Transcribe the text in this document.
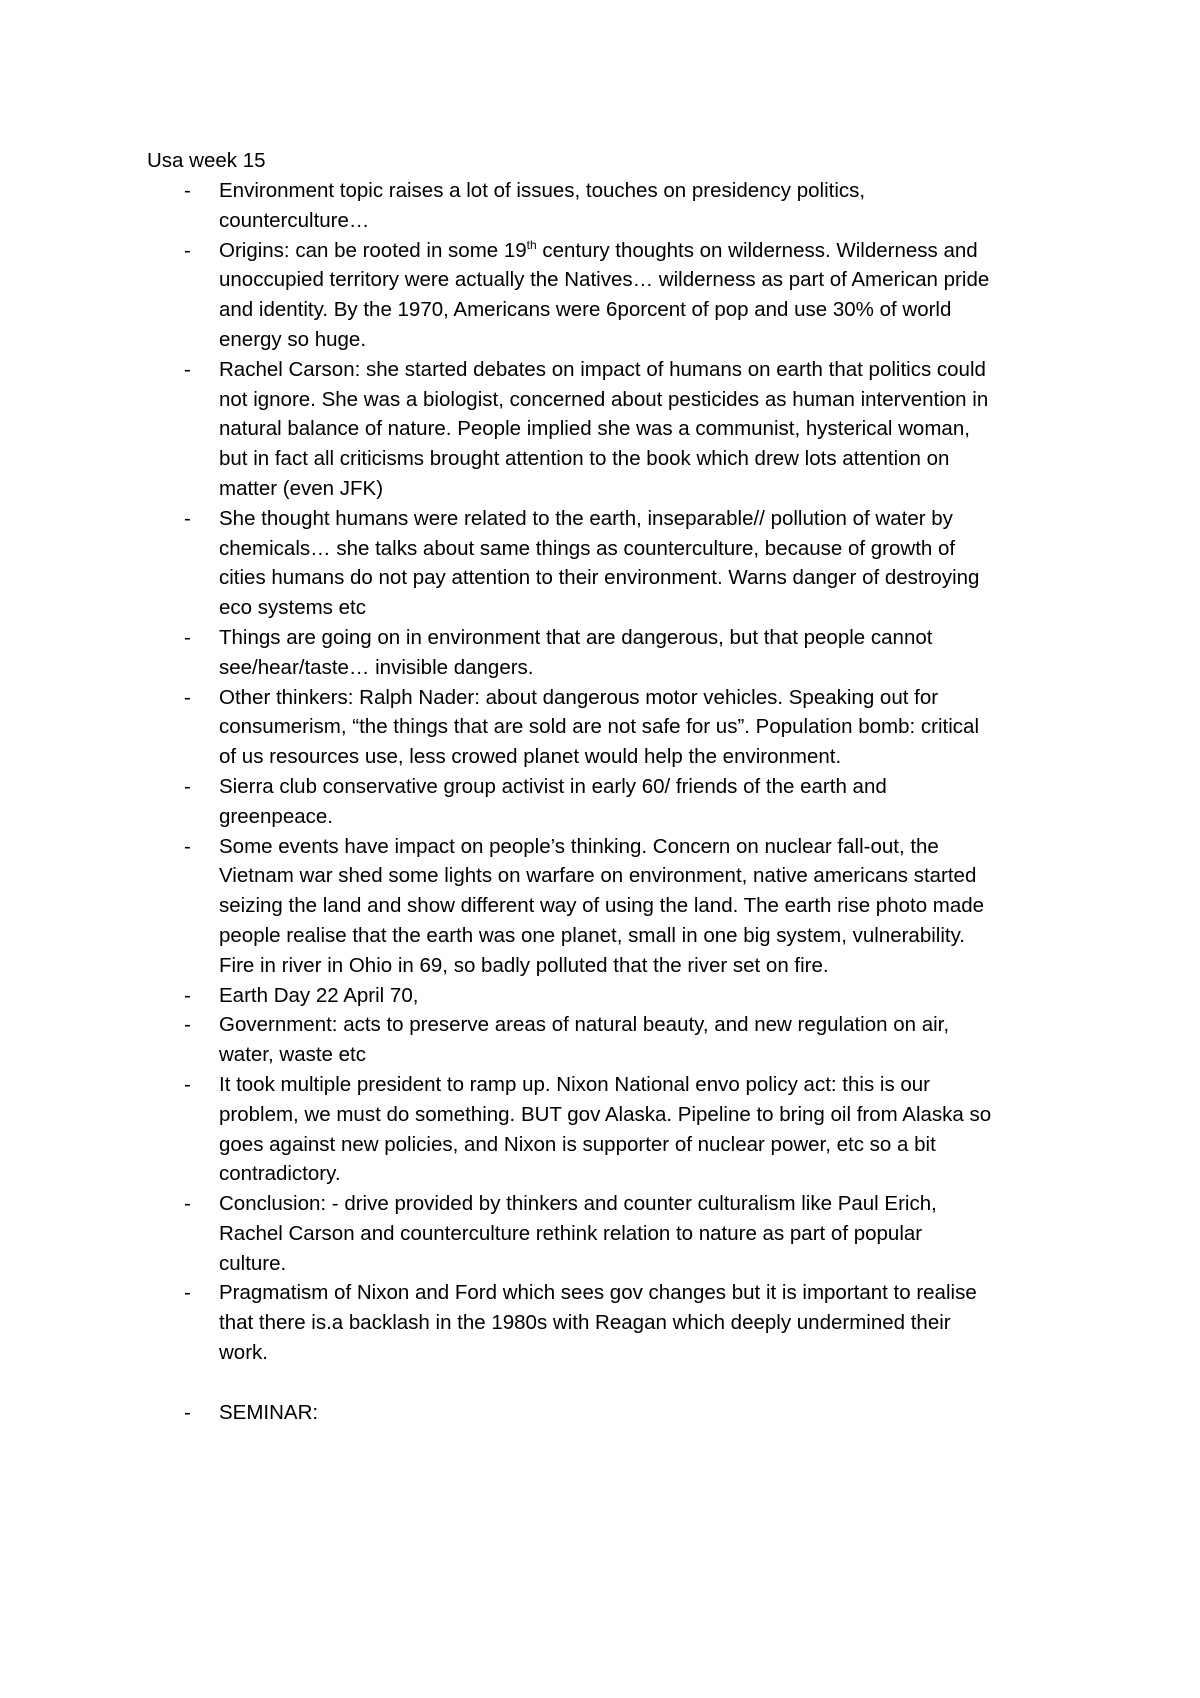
Usa week 15

- Environment topic raises a lot of issues, touches on presidency politics,
counterculture…
- Origins: can be rooted in some 19th century thoughts on wilderness. Wilderness and
unoccupied territory were actually the Natives… wilderness as part of American pride
and identity. By the 1970, Americans were 6porcent of pop and use 30% of world
energy so huge.
- Rachel Carson: she started debates on impact of humans on earth that politics could
not ignore. She was a biologist, concerned about pesticides as human intervention in
natural balance of nature. People implied she was a communist, hysterical woman,
but in fact all criticisms brought attention to the book which drew lots attention on
matter (even JFK)
- She thought humans were related to the earth, inseparable// pollution of water by
chemicals… she talks about same things as counterculture, because of growth of
cities humans do not pay attention to their environment. Warns danger of destroying
eco systems etc
- Things are going on in environment that are dangerous, but that people cannot
see/hear/taste… invisible dangers.
- Other thinkers: Ralph Nader: about dangerous motor vehicles. Speaking out for
consumerism, “the things that are sold are not safe for us”. Population bomb: critical
of us resources use, less crowed planet would help the environment.
- Sierra club conservative group activist in early 60/ friends of the earth and
greenpeace.
- Some events have impact on people’s thinking. Concern on nuclear fall-out, the
Vietnam war shed some lights on warfare on environment, native americans started
seizing the land and show different way of using the land. The earth rise photo made
people realise that the earth was one planet, small in one big system, vulnerability.
Fire in river in Ohio in 69, so badly polluted that the river set on fire.
- Earth Day 22 April 70,
- Government: acts to preserve areas of natural beauty, and new regulation on air,
water, waste etc
- It took multiple president to ramp up. Nixon National envo policy act: this is our
problem, we must do something. BUT gov Alaska. Pipeline to bring oil from Alaska so
goes against new policies, and Nixon is supporter of nuclear power, etc so a bit
contradictory.
- Conclusion: - drive provided by thinkers and counter culturalism like Paul Erich,
Rachel Carson and counterculture rethink relation to nature as part of popular
culture.
- Pragmatism of Nixon and Ford which sees gov changes but it is important to realise
that there is.a backlash in the 1980s with Reagan which deeply undermined their
work.
- SEMINAR:
